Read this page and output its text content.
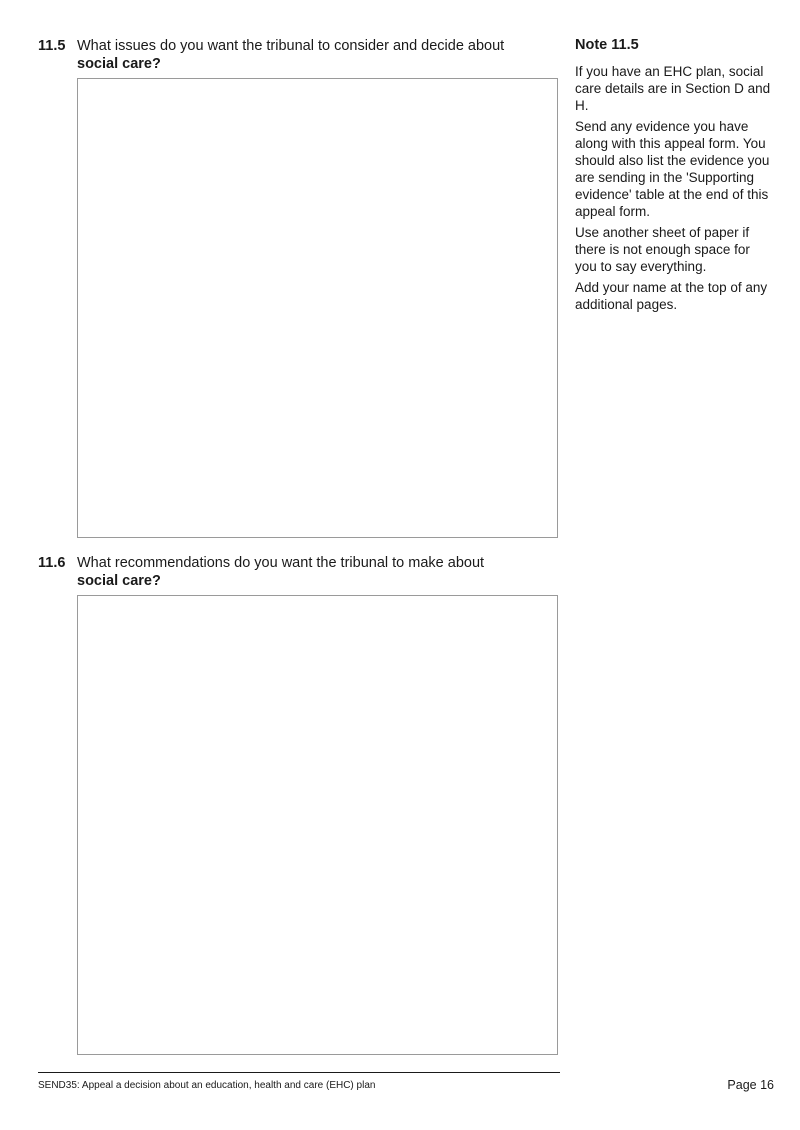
11.5 What issues do you want the tribunal to consider and decide about
social care?
11.6 What recommendations do you want the tribunal to make about
social care?
Note 11.5

If you have an EHC plan, social care details are in Section D and H.

Send any evidence you have along with this appeal form. You should also list the evidence you are sending in the 'Supporting evidence' table at the end of this appeal form.

Use another sheet of paper if there is not enough space for you to say everything.

Add your name at the top of any additional pages.

SEND35: Appeal a decision about an education, health and care (EHC) plan	Page 16
